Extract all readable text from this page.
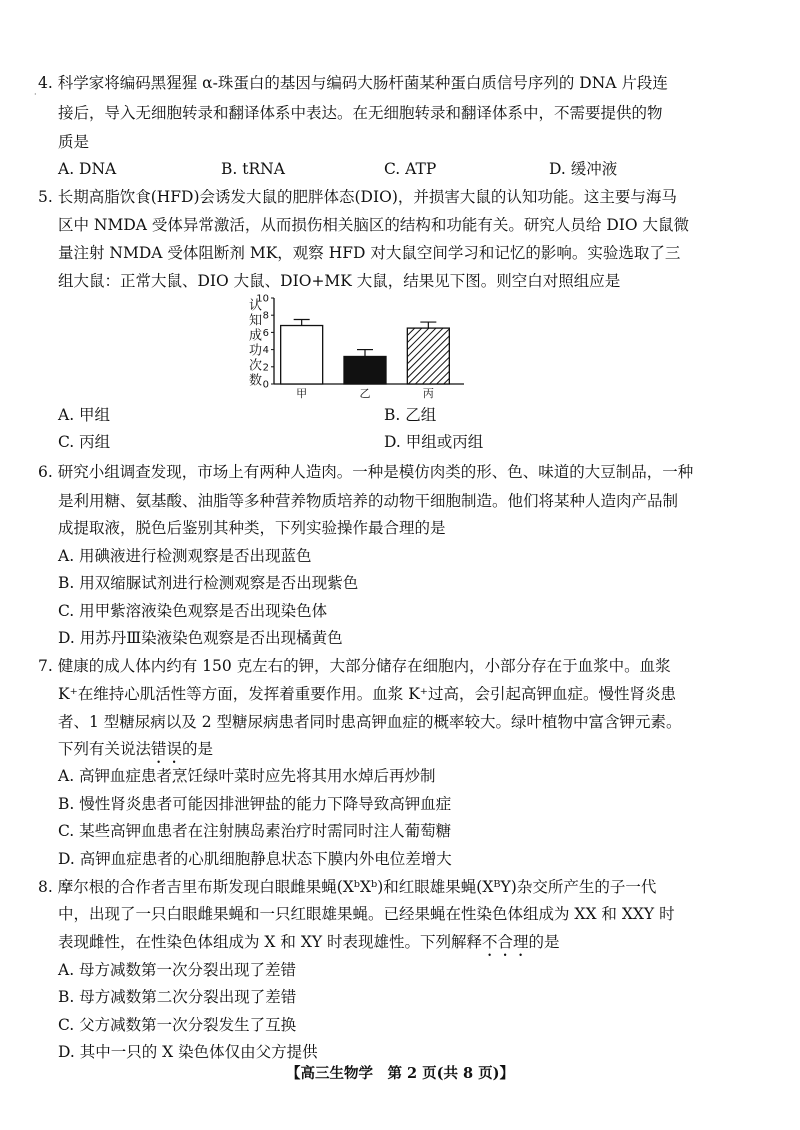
·
4. 科学家将编码黑猩猩 α-珠蛋白的基因与编码大肠杆菌某种蛋白质信号序列的 DNA 片段连
接后，导入无细胞转录和翻译体系中表达。在无细胞转录和翻译体系中，不需要提供的物
质是
A. DNA	B. tRNA	C. ATP	D. 缓冲液
5. 长期高脂饮食(HFD)会诱发大鼠的肥胖体态(DIO)，并损害大鼠的认知功能。这主要与海马
区中 NMDA 受体异常激活，从而损伤相关脑区的结构和功能有关。研究人员给 DIO 大鼠微
量注射 NMDA 受体阻断剂 MK，观察 HFD 对大鼠空间学习和记忆的影响。实验选取了三
组大鼠：正常大鼠、DIO 大鼠、DIO+MK 大鼠，结果见下图。则空白对照组应是
认知成功次数 0
2
4
6
8
10
甲	乙	丙
A. 甲组	B. 乙组
C. 丙组	D. 甲组或丙组
6. 研究小组调查发现，市场上有两种人造肉。一种是模仿肉类的形、色、味道的大豆制品，一种
是利用糖、氨基酸、油脂等多种营养物质培养的动物干细胞制造。他们将某种人造肉产品制
成提取液，脱色后鉴别其种类，下列实验操作最合理的是
A. 用碘液进行检测观察是否出现蓝色
B. 用双缩脲试剂进行检测观察是否出现紫色
C. 用甲紫溶液染色观察是否出现染色体
D. 用苏丹Ⅲ染液染色观察是否出现橘黄色
7. 健康的成人体内约有 150 克左右的钾，大部分储存在细胞内，小部分存在于血浆中。血浆
K⁺在维持心肌活性等方面，发挥着重要作用。血浆 K⁺过高，会引起高钾血症。慢性肾炎患
者、1 型糖尿病以及 2 型糖尿病患者同时患高钾血症的概率较大。绿叶植物中富含钾元素。
下列有关说法错误的是
A. 高钾血症患者烹饪绿叶菜时应先将其用水焯后再炒制
B. 慢性肾炎患者可能因排泄钾盐的能力下降导致高钾血症
C. 某些高钾血患者在注射胰岛素治疗时需同时注人葡萄糖
D. 高钾血症患者的心肌细胞静息状态下膜内外电位差增大
8. 摩尔根的合作者吉里布斯发现白眼雌果蝇(XᵇXᵇ)和红眼雄果蝇(XᴮY)杂交所产生的子一代
中，出现了一只白眼雌果蝇和一只红眼雄果蝇。已经果蝇在性染色体组成为 XX 和 XXY 时
表现雌性，在性染色体组成为 X 和 XY 时表现雄性。下列解释不合理的是
A. 母方减数第一次分裂出现了差错
B. 母方减数第二次分裂出现了差错
C. 父方减数第一次分裂发生了互换
D. 其中一只的 X 染色体仅由父方提供
【高三生物学　第 2 页(共 8 页)】
